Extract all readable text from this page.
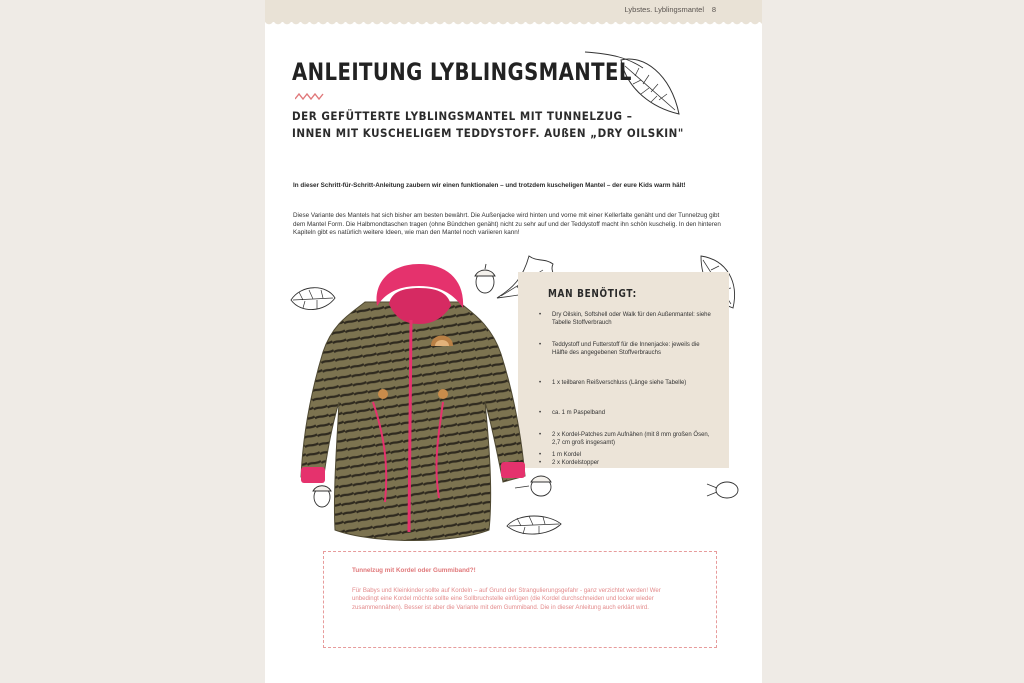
Lybstes. Lyblingsmantel 8
ANLEITUNG LYBLINGSMANTEL
DER GEFÜTTERTE LYBLINGSMANTEL MIT TUNNELZUG –
INNEN MIT KUSCHELIGEM TEDDYSTOFF. AUßEN „DRY OILSKIN"
In dieser Schritt-für-Schritt-Anleitung zaubern wir einen funktionalen – und trotzdem kuscheligen Mantel – der eure Kids warm hält!
Diese Variante des Mantels hat sich bisher am besten bewährt. Die Außenjacke wird hinten und vorne mit einer Kellerfalte genäht und der Tunnelzug gibt dem Mantel Form. Die Halbmondtaschen tragen (ohne Bündchen genäht) nicht zu sehr auf und der Teddystoff macht ihn schön kuschelig. In den hinteren Kapiteln gibt es natürlich weitere Ideen, wie man den Mantel noch variieren kann!
MAN BENÖTIGT:
• Dry Oilskin, Softshell oder Walk für den Außenmantel: siehe Tabelle Stoffverbrauch
• Teddystoff und Futterstoff für die Innenjacke: jeweils die Hälfte des angegebenen Stoffverbrauchs
• 1 x teilbaren Reißverschluss (Länge siehe Tabelle)
• ca. 1 m Paspelband
• 2 x Kordel-Patches zum Aufnähen (mit 8 mm großen Ösen, 2,7 cm groß insgesamt)
• 1 m Kordel
• 2 x Kordelstopper
Tunnelzug mit Kordel oder Gummiband?!
Für Babys und Kleinkinder sollte auf Kordeln – auf Grund der Strangulierungsgefahr - ganz verzichtet werden! Wer unbedingt eine Kordel möchte sollte eine Sollbruchstelle einfügen (die Kordel durchschneiden und locker wieder zusammennähen). Besser ist aber die Variante mit dem Gummiband. Die in dieser Anleitung auch erklärt wird.
